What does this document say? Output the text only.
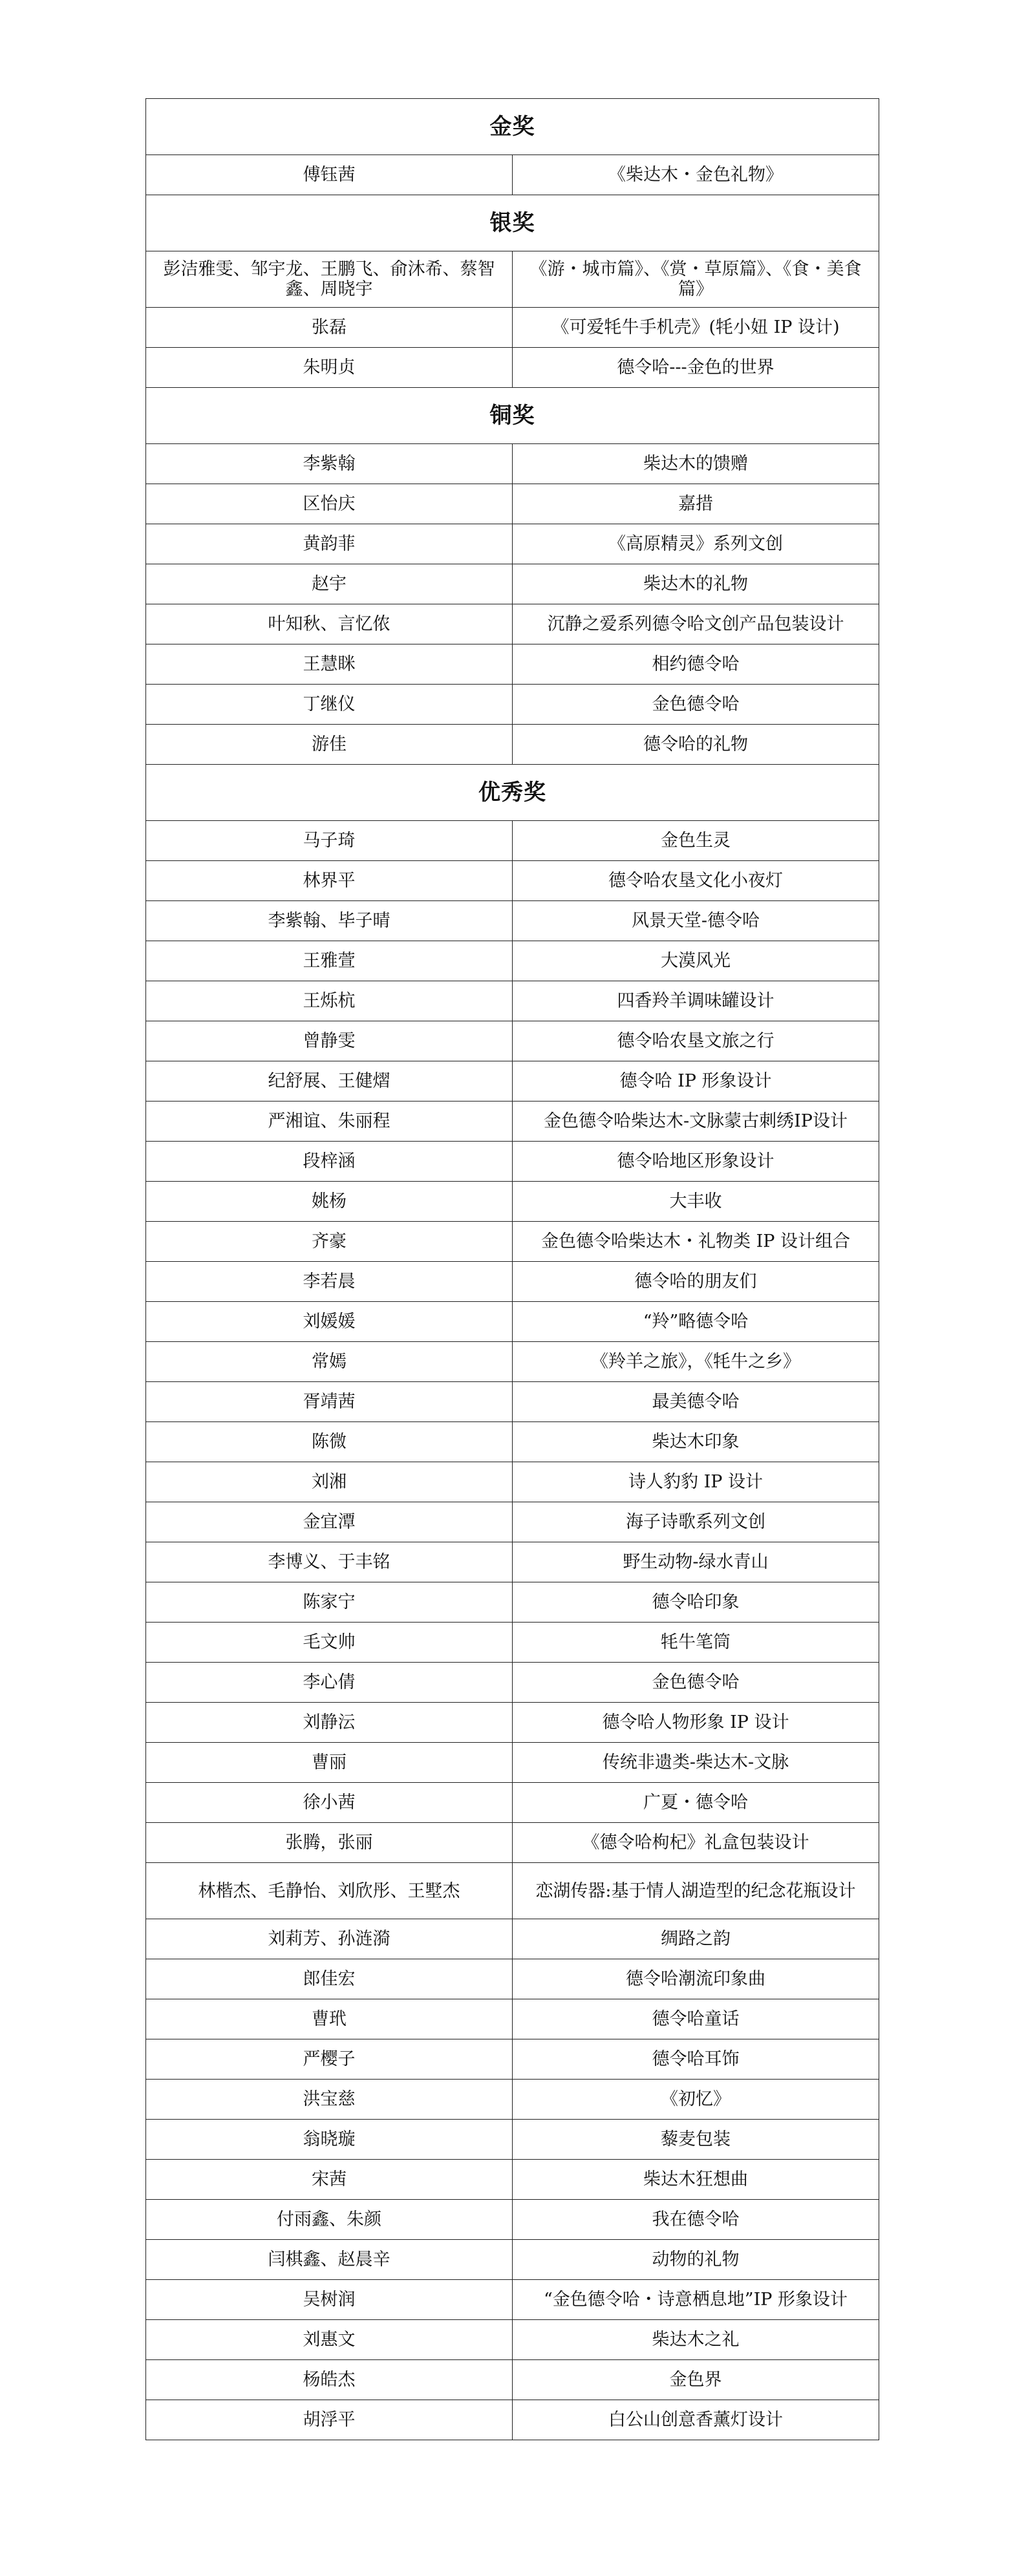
金奖	
傅钰茜	《柴达木・金色礼物》
银奖	
彭洁雅雯、邹宇龙、王鹏飞、俞沐希、蔡智鑫、周晓宇	《游・城市篇》、《赏・草原篇》、《食・美食篇》
张磊	《可爱牦牛手机壳》(牦小妞 IP 设计)
朱明贞	德令哈---金色的世界
铜奖	
李紫翰	柴达木的馈赠
区怡庆	嘉措
黄韵菲	《高原精灵》系列文创
赵宇	柴达木的礼物
叶知秋、言忆侬	沉静之爱系列德令哈文创产品包装设计
王慧眯	相约德令哈
丁继仪	金色德令哈
游佳	德令哈的礼物
优秀奖	
马子琦	金色生灵
林界平	德令哈农垦文化小夜灯
李紫翰、毕子晴	风景天堂-德令哈
王雅萱	大漠风光
王烁杭	四香羚羊调味罐设计
曾静雯	德令哈农垦文旅之行
纪舒展、王健熠	德令哈 IP 形象设计
严湘谊、朱丽程	金色德令哈柴达木-文脉蒙古刺绣IP设计
段梓涵	德令哈地区形象设计
姚杨	大丰收
齐豪	金色德令哈柴达木・礼物类 IP 设计组合
李若晨	德令哈的朋友们
刘媛媛	“羚”略德令哈
常嫣	《羚羊之旅》，《牦牛之乡》
胥靖茜	最美德令哈
陈微	柴达木印象
刘湘	诗人豹豹 IP 设计
金宜潭	海子诗歌系列文创
李博义、于丰铭	野生动物-绿水青山
陈家宁	德令哈印象
毛文帅	牦牛笔筒
李心倩	金色德令哈
刘静沄	德令哈人物形象 IP 设计
曹丽	传统非遗类-柴达木-文脉
徐小茜	广夏・德令哈
张腾，张丽	《德令哈枸杞》礼盒包装设计
林楷杰、毛静怡、刘欣彤、王墅杰	恋湖传器:基于情人湖造型的纪念花瓶设计
刘莉芳、孙涟漪	绸路之韵
郎佳宏	德令哈潮流印象曲
曹玳	德令哈童话
严樱子	德令哈耳饰
洪宝慈	《初忆》
翁晓璇	藜麦包装
宋茜	柴达木狂想曲
付雨鑫、朱颜	我在德令哈
闫棋鑫、赵晨辛	动物的礼物
吴树润	“金色德令哈・诗意栖息地”IP 形象设计
刘惠文	柴达木之礼
杨皓杰	金色界
胡浮平	白公山创意香薰灯设计
